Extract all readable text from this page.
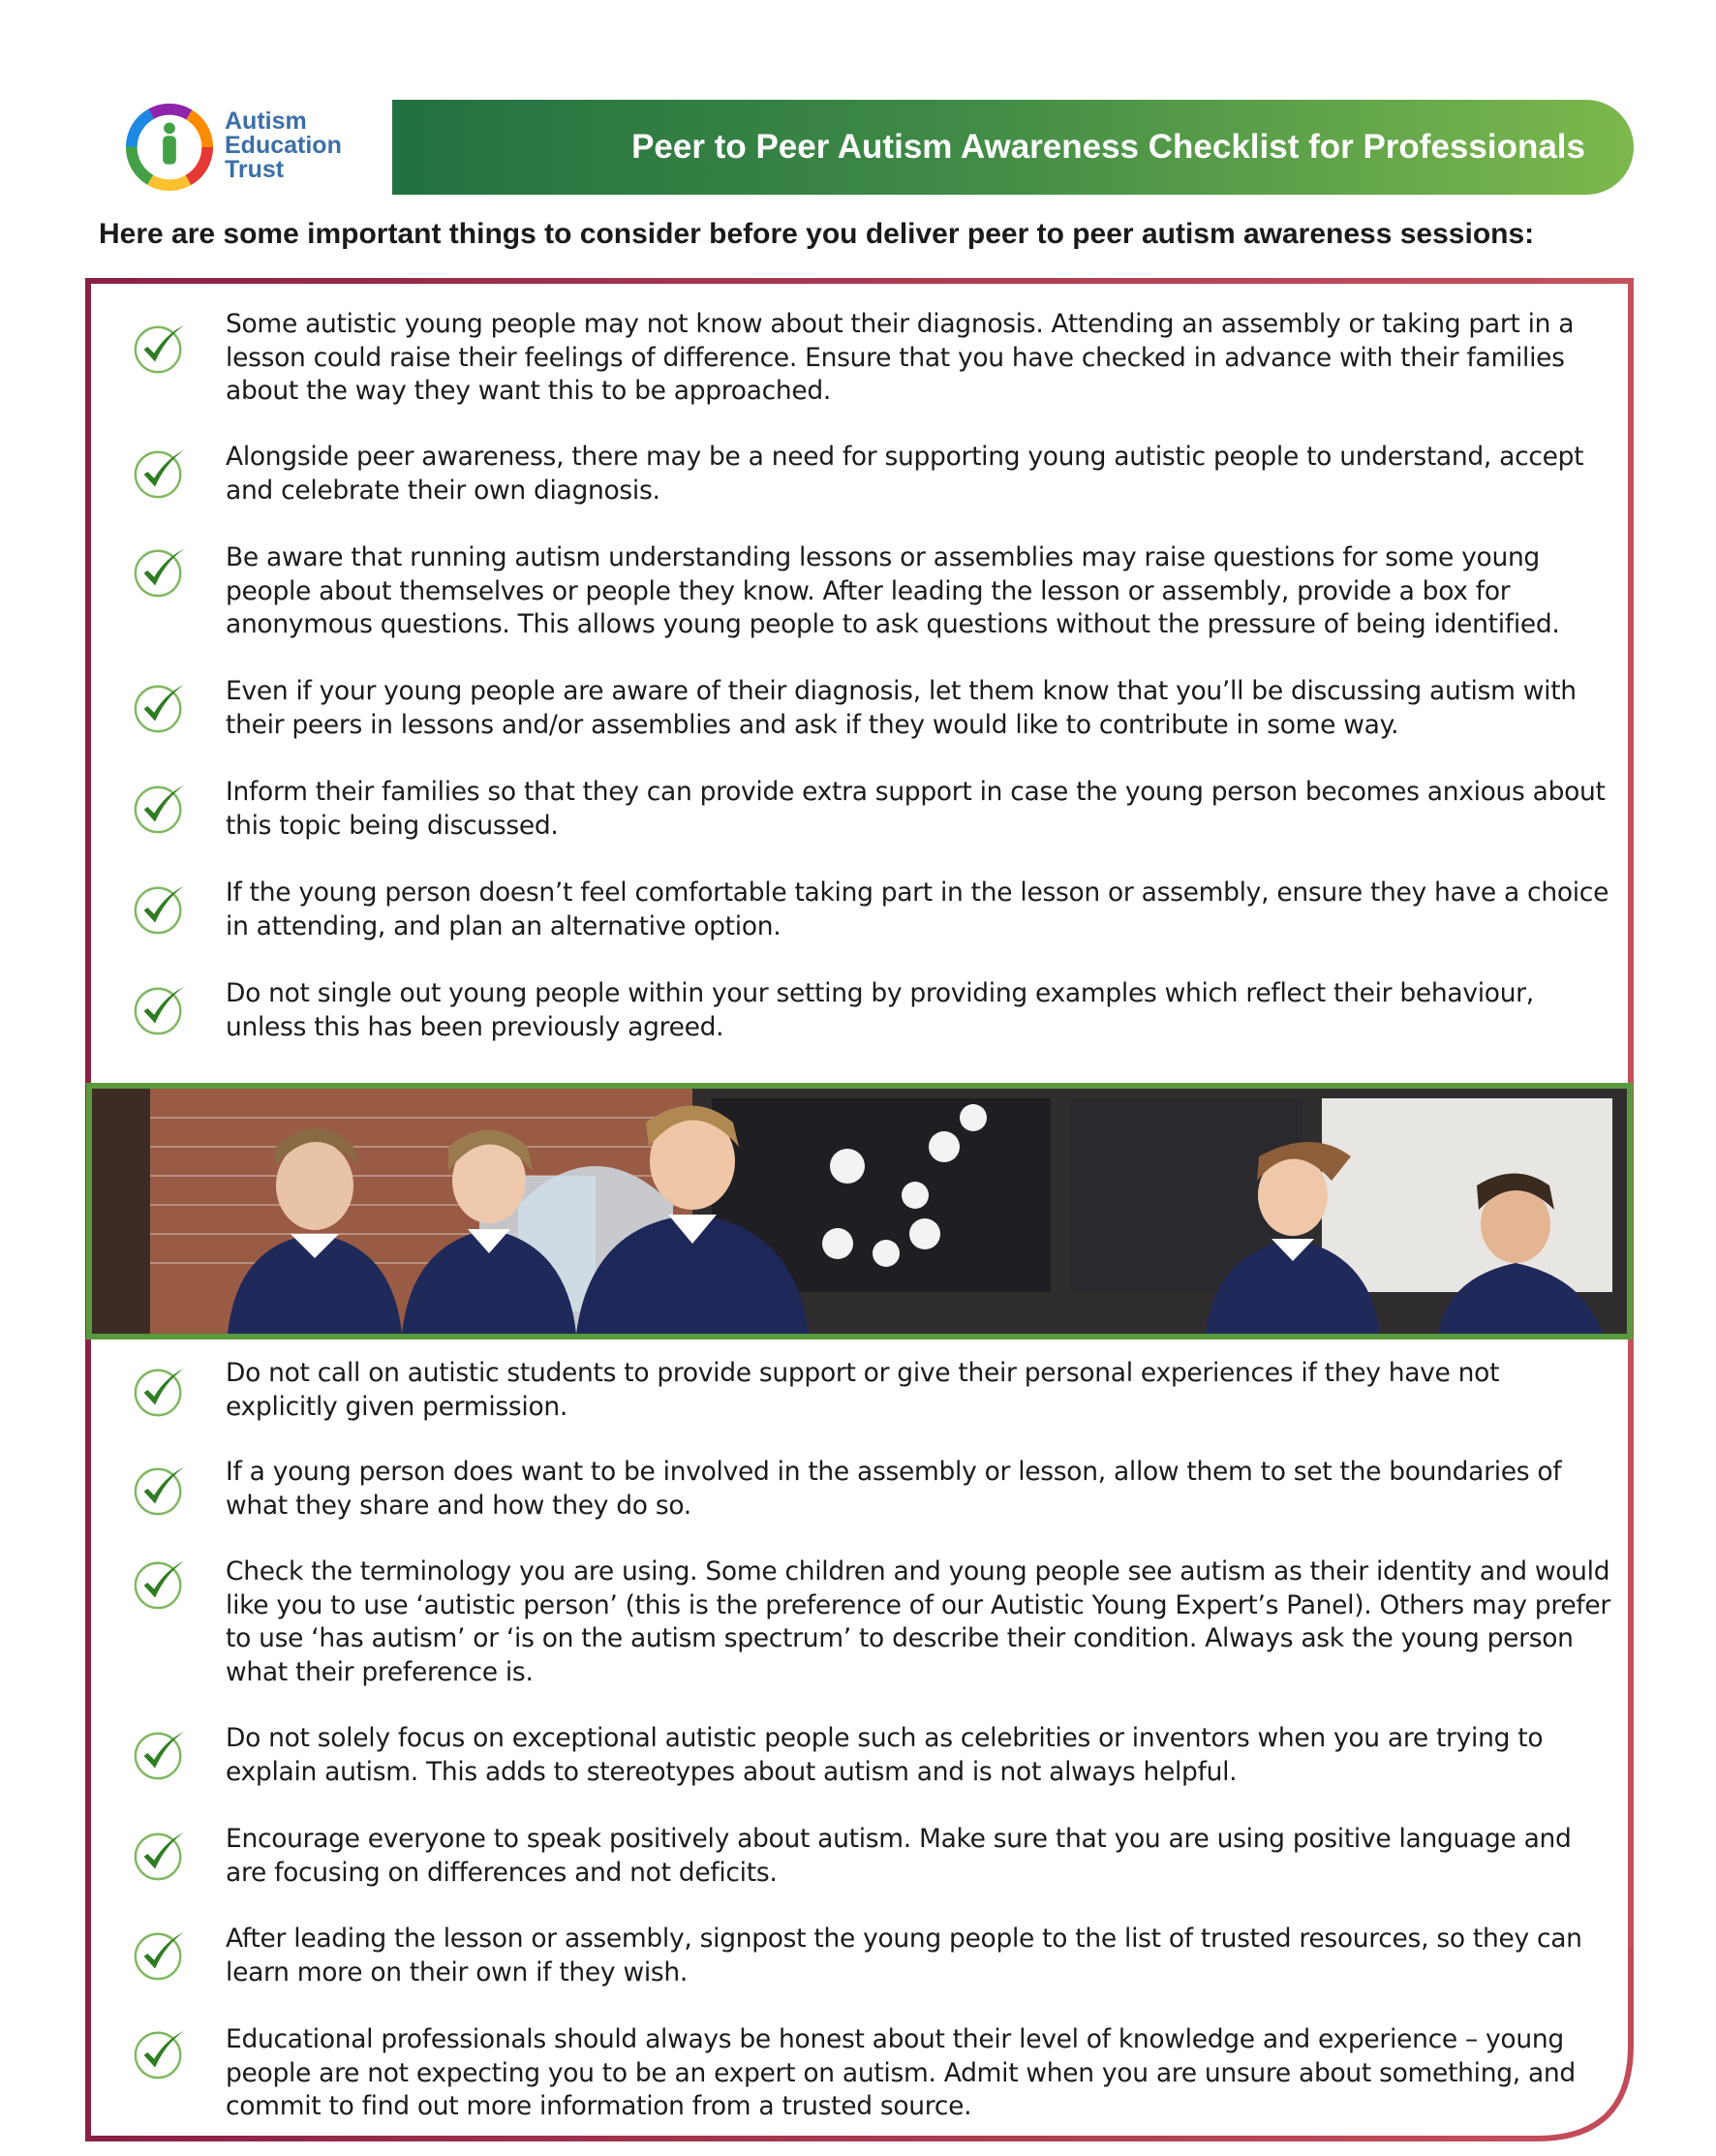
Autism
Education
Trust
Peer to Peer Autism Awareness Checklist for Professionals
Here are some important things to consider before you deliver peer to peer autism awareness sessions:
Some autistic young people may not know about their diagnosis. Attending an assembly or taking part in a lesson could raise their feelings of difference. Ensure that you have checked in advance with their families about the way they want this to be approached.
Alongside peer awareness, there may be a need for supporting young autistic people to understand, accept and celebrate their own diagnosis.
Be aware that running autism understanding lessons or assemblies may raise questions for some young people about themselves or people they know. After leading the lesson or assembly, provide a box for anonymous questions. This allows young people to ask questions without the pressure of being identified.
Even if your young people are aware of their diagnosis, let them know that you’ll be discussing autism with their peers in lessons and/or assemblies and ask if they would like to contribute in some way.
Inform their families so that they can provide extra support in case the young person becomes anxious about this topic being discussed.
If the young person doesn’t feel comfortable taking part in the lesson or assembly, ensure they have a choice in attending, and plan an alternative option.
Do not single out young people within your setting by providing examples which reflect their behaviour, unless this has been previously agreed.
Do not call on autistic students to provide support or give their personal experiences if they have not explicitly given permission.
If a young person does want to be involved in the assembly or lesson, allow them to set the boundaries of what they share and how they do so.
Check the terminology you are using. Some children and young people see autism as their identity and would like you to use ‘autistic person’ (this is the preference of our Autistic Young Expert’s Panel). Others may prefer to use ‘has autism’ or ‘is on the autism spectrum’ to describe their condition. Always ask the young person what their preference is.
Do not solely focus on exceptional autistic people such as celebrities or inventors when you are trying to explain autism. This adds to stereotypes about autism and is not always helpful.
Encourage everyone to speak positively about autism. Make sure that you are using positive language and are focusing on differences and not deficits.
After leading the lesson or assembly, signpost the young people to the list of trusted resources, so they can learn more on their own if they wish.
Educational professionals should always be honest about their level of knowledge and experience – young people are not expecting you to be an expert on autism. Admit when you are unsure about something, and commit to find out more information from a trusted source.
